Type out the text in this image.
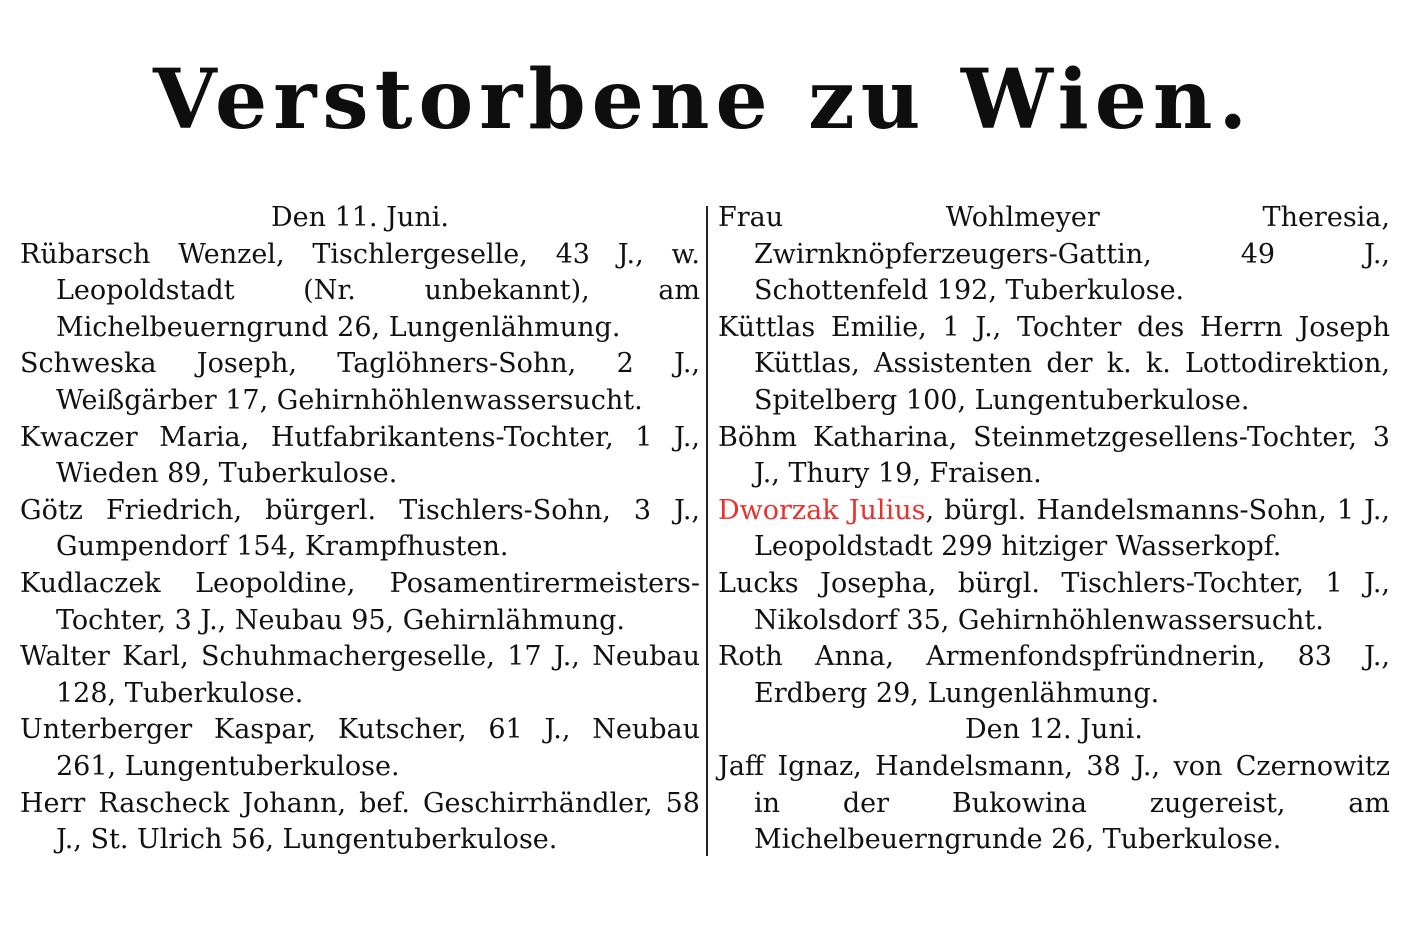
Verstorbene zu Wien.

Den 11. Juni.

Rübarsch Wenzel, Tischlergeselle, 43 J., w. Leopoldstadt (Nr. unbekannt), am Michelbeuerngrund 26, Lungenlähmung.

Schweska Joseph, Taglöhners-Sohn, 2 J., Weißgärber 17, Gehirnhöhlenwassersucht.

Kwaczer Maria, Hutfabrikantens-Tochter, 1 J., Wieden 89, Tuberkulose.

Götz Friedrich, bürgerl. Tischlers-Sohn, 3 J., Gumpendorf 154, Krampfhusten.

Kudlaczek Leopoldine, Posamentirermeisters-Tochter, 3 J., Neubau 95, Gehirnlähmung.

Walter Karl, Schuhmachergeselle, 17 J., Neubau 128, Tuberkulose.

Unterberger Kaspar, Kutscher, 61 J., Neubau 261, Lungentuberkulose.

Herr Rascheck Johann, bef. Geschirrhändler, 58 J., St. Ulrich 56, Lungentuberkulose.

Frau Wohlmeyer Theresia, Zwirnknöpferzeugers-Gattin, 49 J., Schottenfeld 192, Tuberkulose.

Küttlas Emilie, 1 J., Tochter des Herrn Joseph Küttlas, Assistenten der k. k. Lottodirektion, Spitelberg 100, Lungentuberkulose.

Böhm Katharina, Steinmetzgesellens-Tochter, 3 J., Thury 19, Fraisen.

Dworzak Julius, bürgl. Handelsmanns-Sohn, 1 J., Leopoldstadt 299 hitziger Wasserkopf.

Lucks Josepha, bürgl. Tischlers-Tochter, 1 J., Nikolsdorf 35, Gehirnhöhlenwassersucht.

Roth Anna, Armenfondspfründnerin, 83 J., Erdberg 29, Lungenlähmung.

Den 12. Juni.

Jaff Ignaz, Handelsmann, 38 J., von Czernowitz in der Bukowina zugereist, am Michelbeuerngrunde 26, Tuberkulose.
